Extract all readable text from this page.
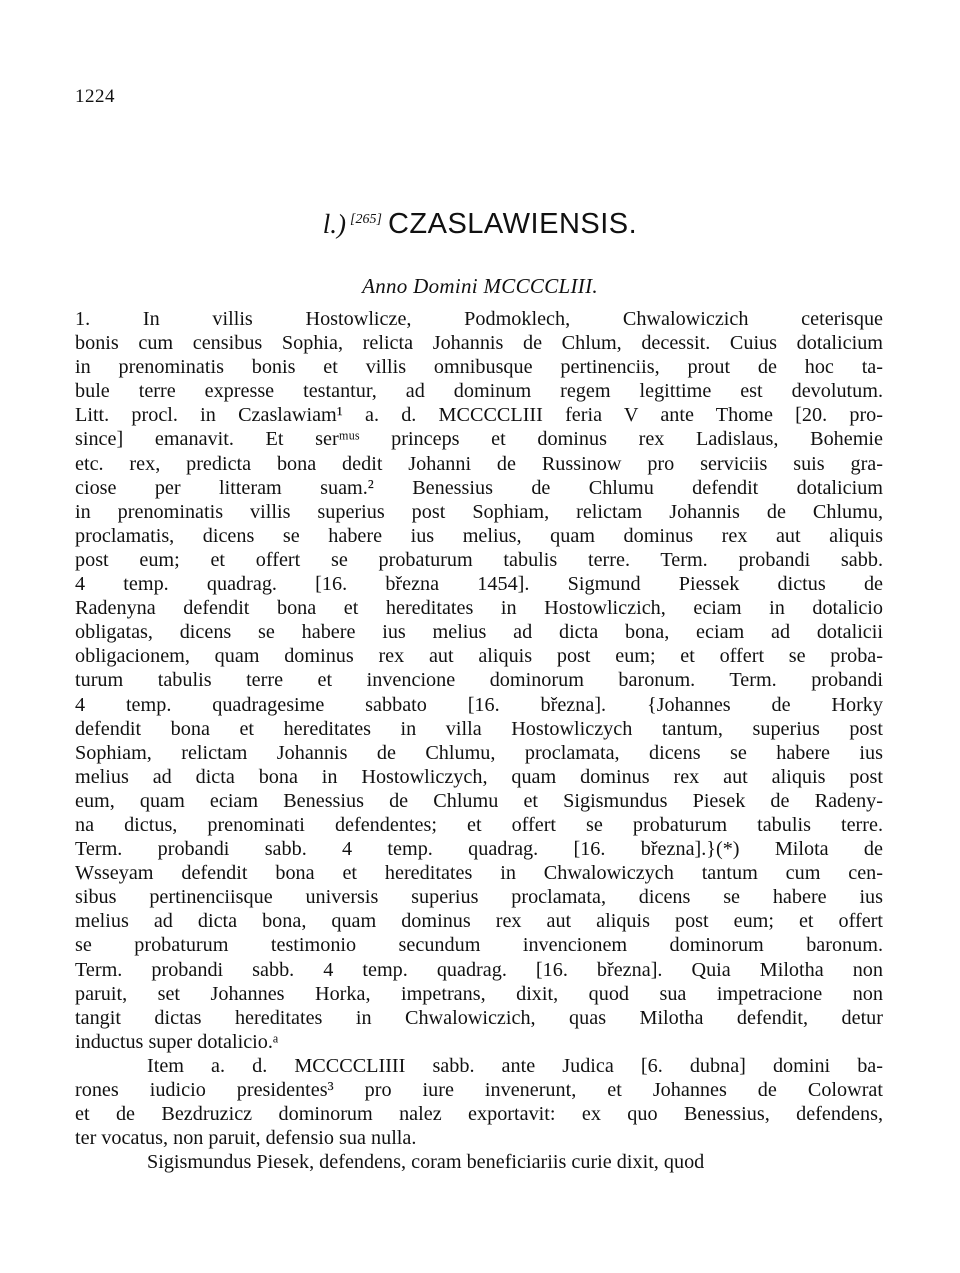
1224
l.) [265] CZASLAWIENSIS.
Anno Domini MCCCCLIII.
1. In villis Hostowlicze, Podmoklech, Chwalowiczich ceterisque
bonis cum censibus Sophia, relicta Johannis de Chlum, decessit. Cuius dotalicium
in prenominatis bonis et villis omnibusque pertinenciis, prout de hoc ta-
bule terre expresse testantur, ad dominum regem legittime est devolutum.
Litt. procl. in Czaslawiam¹ a. d. MCCCCLIII feria V ante Thome [20. pro-
since] emanavit. Et serᵐᵘˢ princeps et dominus rex Ladislaus, Bohemie
etc. rex, predicta bona dedit Johanni de Russinow pro serviciis suis gra-
ciose per litteram suam.² Benessius de Chlumu defendit dotalicium
in prenominatis villis superius post Sophiam, relictam Johannis de Chlumu,
proclamatis, dicens se habere ius melius, quam dominus rex aut aliquis
post eum; et offert se probaturum tabulis terre. Term. probandi sabb.
4 temp. quadrag. [16. března 1454]. Sigmund Piessek dictus de
Radenyna defendit bona et hereditates in Hostowliczich, eciam in dotalicio
obligatas, dicens se habere ius melius ad dicta bona, eciam ad dotalicii
obligacionem, quam dominus rex aut aliquis post eum; et offert se proba-
turum tabulis terre et invencione dominorum baronum. Term. probandi
4 temp. quadragesime sabbato [16. března]. {Johannes de Horky
defendit bona et hereditates in villa Hostowliczych tantum, superius post
Sophiam, relictam Johannis de Chlumu, proclamata, dicens se habere ius
melius ad dicta bona in Hostowliczych, quam dominus rex aut aliquis post
eum, quam eciam Benessius de Chlumu et Sigismundus Piesek de Radeny-
na dictus, prenominati defendentes; et offert se probaturum tabulis terre.
Term. probandi sabb. 4 temp. quadrag. [16. března].}(*) Milota de
Wsseyam defendit bona et hereditates in Chwalowiczych tantum cum cen-
sibus pertinenciisque universis superius proclamata, dicens se habere ius
melius ad dicta bona, quam dominus rex aut aliquis post eum; et offert
se probaturum testimonio secundum invencionem dominorum baronum.
Term. probandi sabb. 4 temp. quadrag. [16. března]. Quia Milotha non
paruit, set Johannes Horka, impetrans, dixit, quod sua impetracione non
tangit dictas hereditates in Chwalowiczich, quas Milotha defendit, detur
inductus super dotalicio.ᵃ
Item a. d. MCCCCLIIII sabb. ante Judica [6. dubna] domini ba-
rones iudicio presidentes³ pro iure invenerunt, et Johannes de Colowrat
et de Bezdruzicz dominorum nalez exportavit: ex quo Benessius, defendens,
ter vocatus, non paruit, defensio sua nulla.
Sigismundus Piesek, defendens, coram beneficiariis curie dixit, quod
